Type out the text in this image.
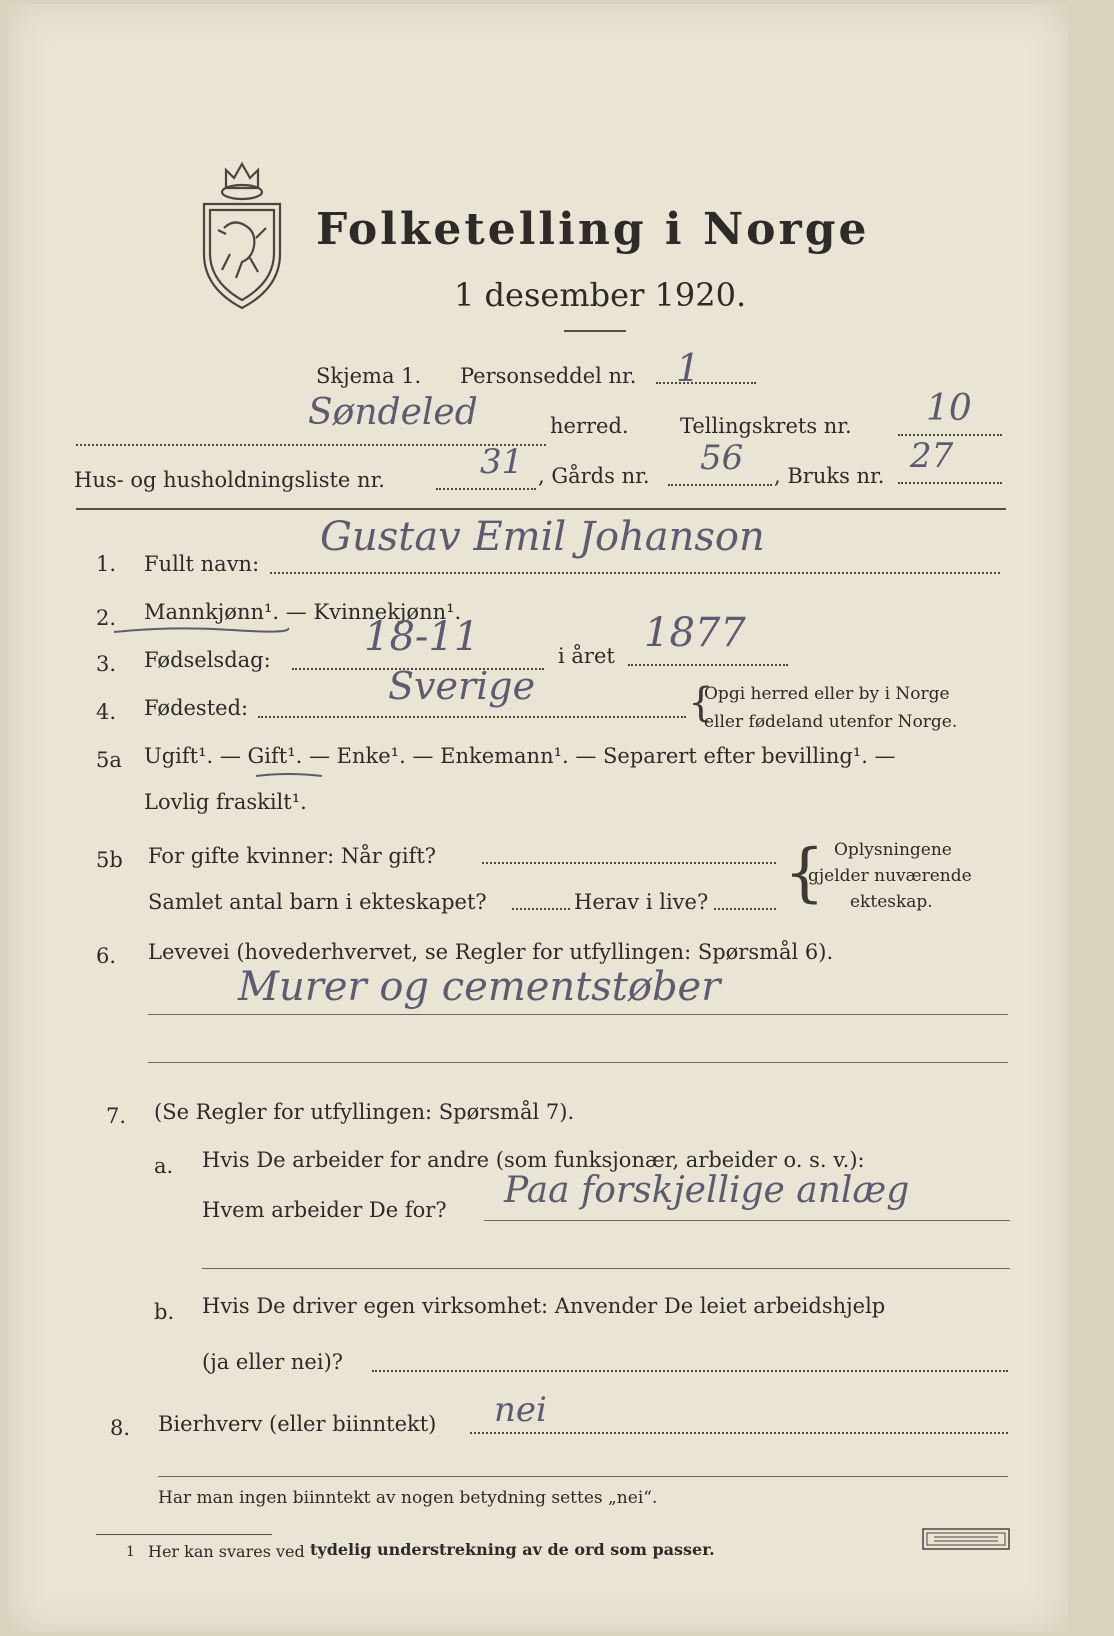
Folketelling i Norge
1 desember 1920.
Skjema 1. Personseddel nr. 1
Søndeled	herred. Tellingskrets nr. 10
Hus- og husholdningsliste nr.	31 , Gårds nr. 56 , Bruks nr. 27
1. Fullt navn:
Gustav Emil Johanson
2. Mannkjønn¹. — Kvinnekjønn¹.
3. Fødselsdag: 18-11	i året 1877
4. Fødested:	Sverige	{
Opgi herred eller by i Norge
eller fødeland utenfor Norge.
5a Ugift¹. — Gift¹. — Enke¹. — Enkemann¹. — Separert efter bevilling¹. —
Lovlig fraskilt¹.
5b For gifte kvinner: Når gift?
Samlet antal barn i ekteskapet?	Herav i live? { Oplysningene
gjelder nuværende
ekteskap.
6. Levevei (hovederhvervet, se Regler for utfyllingen: Spørsmål 6).
Murer og cementstøber
7. (Se Regler for utfyllingen: Spørsmål 7).
a. Hvis De arbeider for andre (som funksjonær, arbeider o. s. v.):
Hvem arbeider De for? Paa forskjellige anlæg
b. Hvis De driver egen virksomhet: Anvender De leiet arbeidshjelp
(ja eller nei)?
8. Bierhverv (eller biinntekt) nei
Har man ingen biinntekt av nogen betydning settes „nei“.
1 Her kan svares ved tydelig understrekning av de ord som passer.
